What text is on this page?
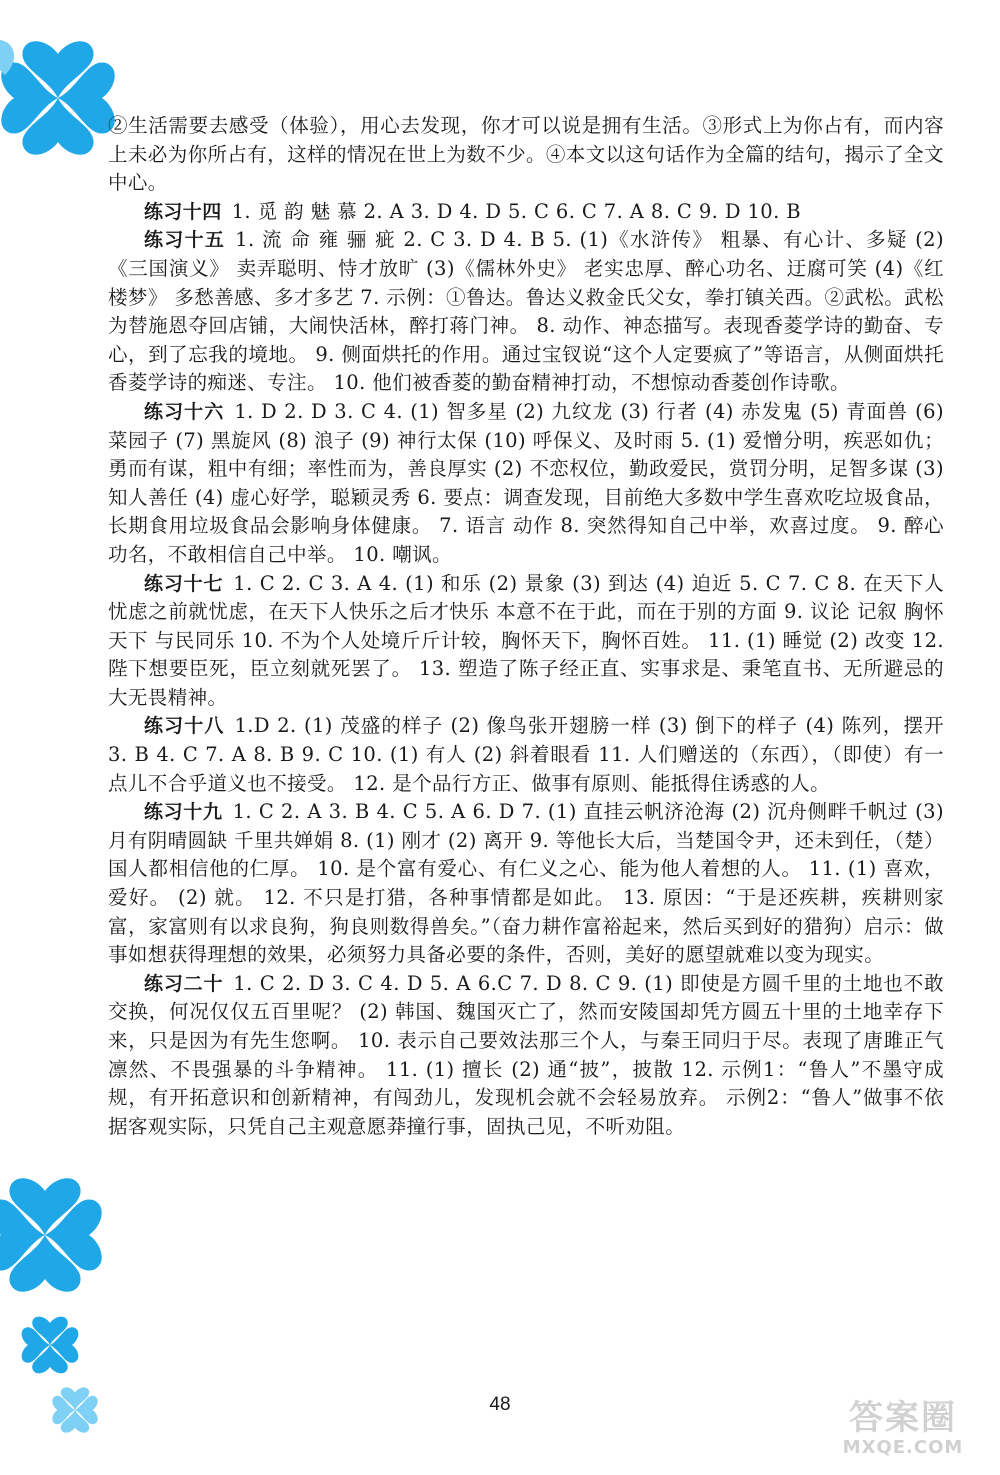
②生活需要去感受（体验），用心去发现，你才可以说是拥有生活。③形式上为你占有，而内容上未必为你所占有，这样的情况在世上为数不少。④本文以这句话作为全篇的结句，揭示了全文中心。

练习十四 1. 觅 韵 魅 慕 2. A 3. D 4. D 5. C 6. C 7. A 8. C 9. D 10. B

练习十五 1. 流 命 雍 骊 疵 2. C 3. D 4. B 5. (1)《水浒传》 粗暴、有心计、多疑 (2)《三国演义》 卖弄聪明、恃才放旷 (3)《儒林外史》 老实忠厚、醉心功名、迂腐可笑 (4)《红楼梦》 多愁善感、多才多艺 7. 示例：①鲁达。鲁达义救金氏父女，拳打镇关西。②武松。武松为替施恩夺回店铺，大闹快活林，醉打蒋门神。 8. 动作、神态描写。表现香菱学诗的勤奋、专心，到了忘我的境地。 9. 侧面烘托的作用。通过宝钗说“这个人定要疯了”等语言，从侧面烘托香菱学诗的痴迷、专注。 10. 他们被香菱的勤奋精神打动，不想惊动香菱创作诗歌。

练习十六 1. D 2. D 3. C 4. (1) 智多星 (2) 九纹龙 (3) 行者 (4) 赤发鬼 (5) 青面兽 (6) 菜园子 (7) 黑旋风 (8) 浪子 (9) 神行太保 (10) 呼保义、及时雨 5. (1) 爱憎分明，疾恶如仇；勇而有谋，粗中有细；率性而为，善良厚实 (2) 不恋权位，勤政爱民，赏罚分明，足智多谋 (3) 知人善任 (4) 虚心好学，聪颖灵秀 6. 要点：调查发现，目前绝大多数中学生喜欢吃垃圾食品，长期食用垃圾食品会影响身体健康。 7. 语言 动作 8. 突然得知自己中举，欢喜过度。 9. 醉心功名，不敢相信自己中举。 10. 嘲讽。

练习十七 1. C 2. C 3. A 4. (1) 和乐 (2) 景象 (3) 到达 (4) 迫近 5. C 7. C 8. 在天下人忧虑之前就忧虑，在天下人快乐之后才快乐 本意不在于此，而在于别的方面 9. 议论 记叙 胸怀天下 与民同乐 10. 不为个人处境斤斤计较，胸怀天下，胸怀百姓。 11. (1) 睡觉 (2) 改变 12. 陛下想要臣死，臣立刻就死罢了。 13. 塑造了陈子经正直、实事求是、秉笔直书、无所避忌的大无畏精神。

练习十八 1.D 2. (1) 茂盛的样子 (2) 像鸟张开翅膀一样 (3) 倒下的样子 (4) 陈列，摆开 3. B 4. C 7. A 8. B 9. C 10. (1) 有人 (2) 斜着眼看 11. 人们赠送的（东西），（即使）有一点儿不合乎道义也不接受。 12. 是个品行方正、做事有原则、能抵得住诱惑的人。

练习十九 1. C 2. A 3. B 4. C 5. A 6. D 7. (1) 直挂云帆济沧海 (2) 沉舟侧畔千帆过 (3) 月有阴晴圆缺 千里共婵娟 8. (1) 刚才 (2) 离开 9. 等他长大后，当楚国令尹，还未到任，（楚）国人都相信他的仁厚。 10. 是个富有爱心、有仁义之心、能为他人着想的人。 11. (1) 喜欢，爱好。 (2) 就。 12. 不只是打猎，各种事情都是如此。 13. 原因：“于是还疾耕，疾耕则家富，家富则有以求良狗，狗良则数得兽矣。”（奋力耕作富裕起来，然后买到好的猎狗）启示：做事如想获得理想的效果，必须努力具备必要的条件，否则，美好的愿望就难以变为现实。

练习二十 1. C 2. D 3. C 4. D 5. A 6.C 7. D 8. C 9. (1) 即使是方圆千里的土地也不敢交换，何况仅仅五百里呢？ (2) 韩国、魏国灭亡了，然而安陵国却凭方圆五十里的土地幸存下来，只是因为有先生您啊。 10. 表示自己要效法那三个人，与秦王同归于尽。表现了唐雎正气凛然、不畏强暴的斗争精神。 11. (1) 擅长 (2) 通“披”，披散 12. 示例1：“鲁人”不墨守成规，有开拓意识和创新精神，有闯劲儿，发现机会就不会轻易放弃。 示例2：“鲁人”做事不依据客观实际，只凭自己主观意愿莽撞行事，固执己见，不听劝阻。

48	答案圈
MXQE.COM
